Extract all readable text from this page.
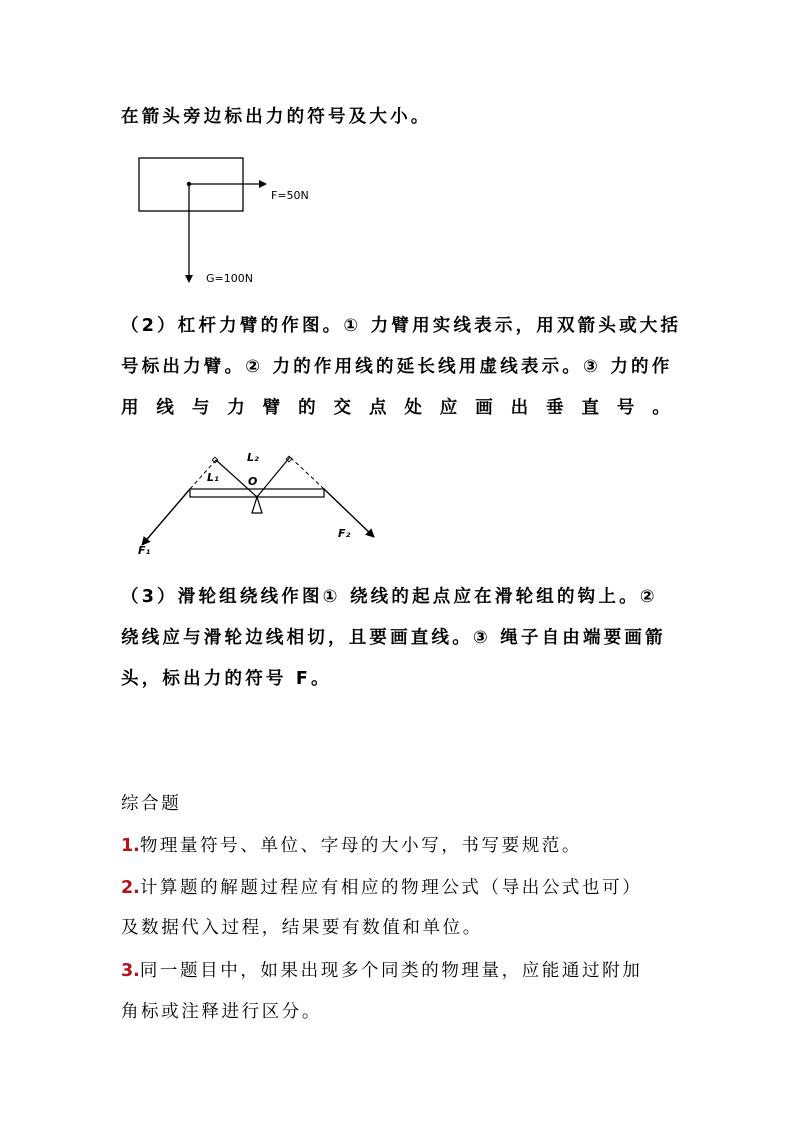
在箭头旁边标出力的符号及大小。

F=50N
G=100N

（2）杠杆力臂的作图。① 力臂用实线表示，用双箭头或大括
号标出力臂。② 力的作用线的延长线用虚线表示。③ 力的作
用线与力臂的交点处应画出垂直号。

L₁
L₂
O
F₁
F₂

（3）滑轮组绕线作图① 绕线的起点应在滑轮组的钩上。②
绕线应与滑轮边线相切，且要画直线。③ 绳子自由端要画箭
头，标出力的符号 F。

综合题

1.物理量符号、单位、字母的大小写，书写要规范。

2.计算题的解题过程应有相应的物理公式（导出公式也可）

及数据代入过程，结果要有数值和单位。

3.同一题目中，如果出现多个同类的物理量，应能通过附加

角标或注释进行区分。
